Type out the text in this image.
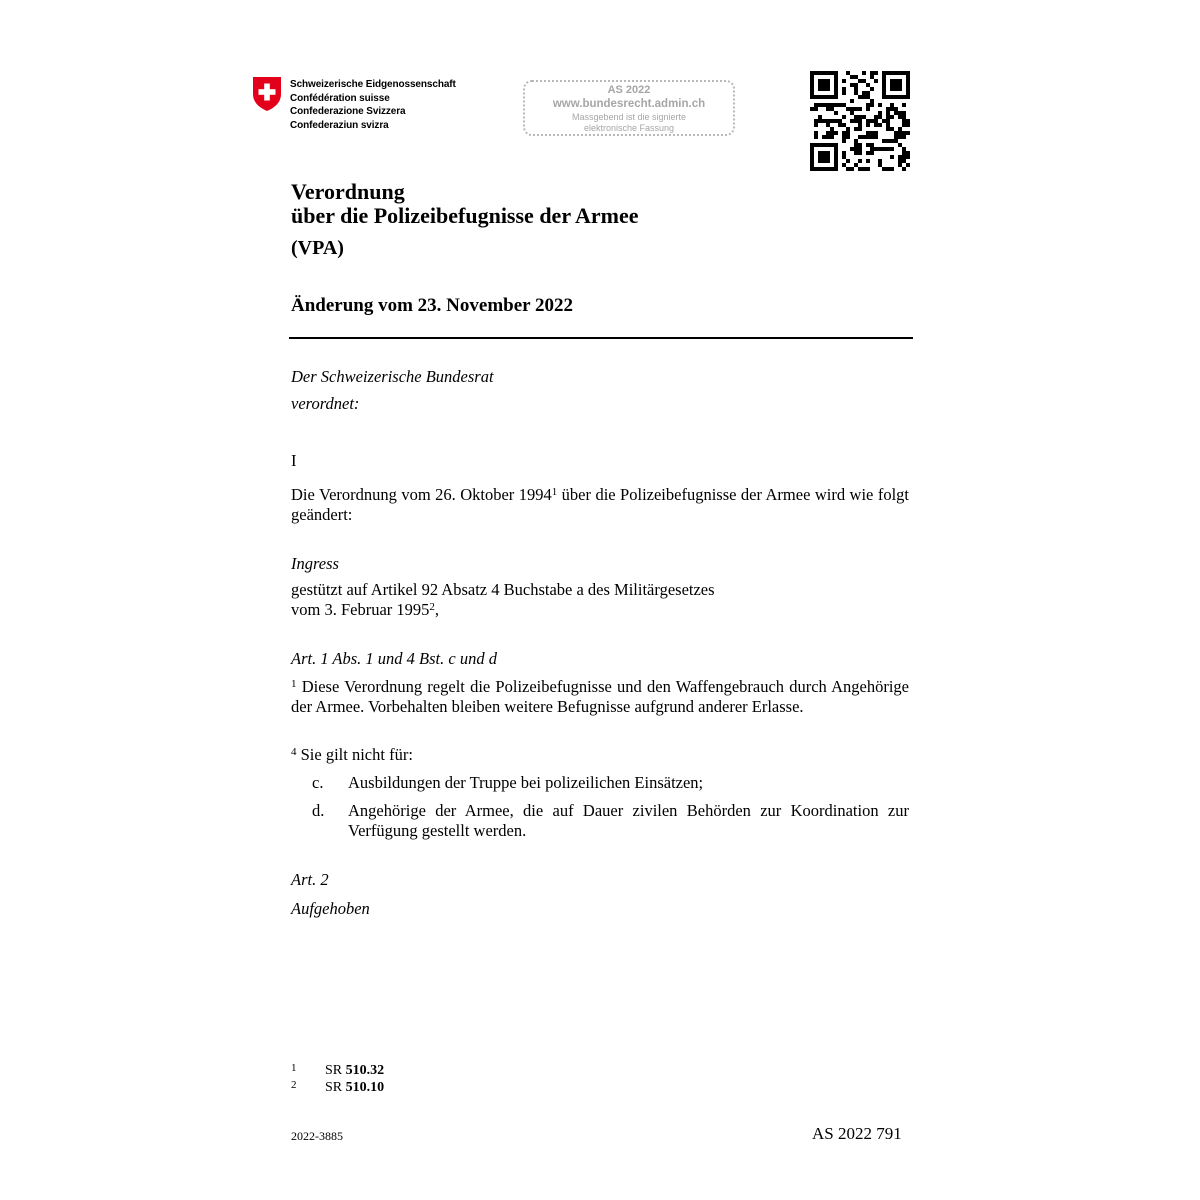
Schweizerische Eidgenossenschaft
Confédération suisse
Confederazione Svizzera
Confederaziun svizra
AS 2022
www.bundesrecht.admin.ch
Massgebend ist die signierte
elektronische Fassung
Verordnung
über die Polizeibefugnisse der Armee
(VPA)
Änderung vom 23. November 2022
Der Schweizerische Bundesrat
verordnet:
I
Die Verordnung vom 26. Oktober 1994$^1$ über die Polizeibefugnisse der Armee wird wie folgt geändert:
Ingress
gestützt auf Artikel 92 Absatz 4 Buchstabe a des Militärgesetzes
vom 3. Februar 1995$^2$,
Art. 1 Abs. 1 und 4 Bst. c und d
$^1$ Diese Verordnung regelt die Polizeibefugnisse und den Waffengebrauch durch Angehörige der Armee. Vorbehalten bleiben weitere Befugnisse aufgrund anderer Erlasse.
$^4$ Sie gilt nicht für:
c. Ausbildungen der Truppe bei polizeilichen Einsätzen;
d. Angehörige der Armee, die auf Dauer zivilen Behörden zur Koordination zur Verfügung gestellt werden.
Art. 2
Aufgehoben
1 SR 510.32
2 SR 510.10
2022-3885	AS 2022 791
